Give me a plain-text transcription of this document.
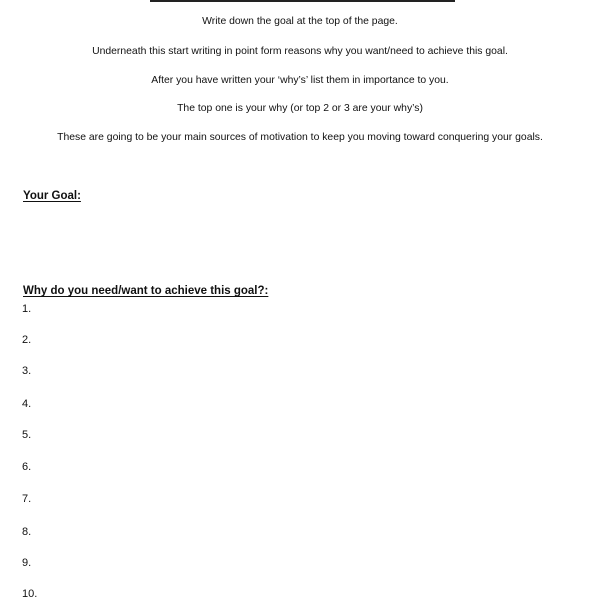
Write down the goal at the top of the page.
Underneath this start writing in point form reasons why you want/need to achieve this goal.
After you have written your ‘why’s’ list them in importance to you.
The top one is your why (or top 2 or 3 are your why’s)
These are going to be your main sources of motivation to keep you moving toward conquering your goals.
Your Goal:
Why do you need/want to achieve this goal?:
1.
2.
3.
4.
5.
6.
7.
8.
9.
10.
